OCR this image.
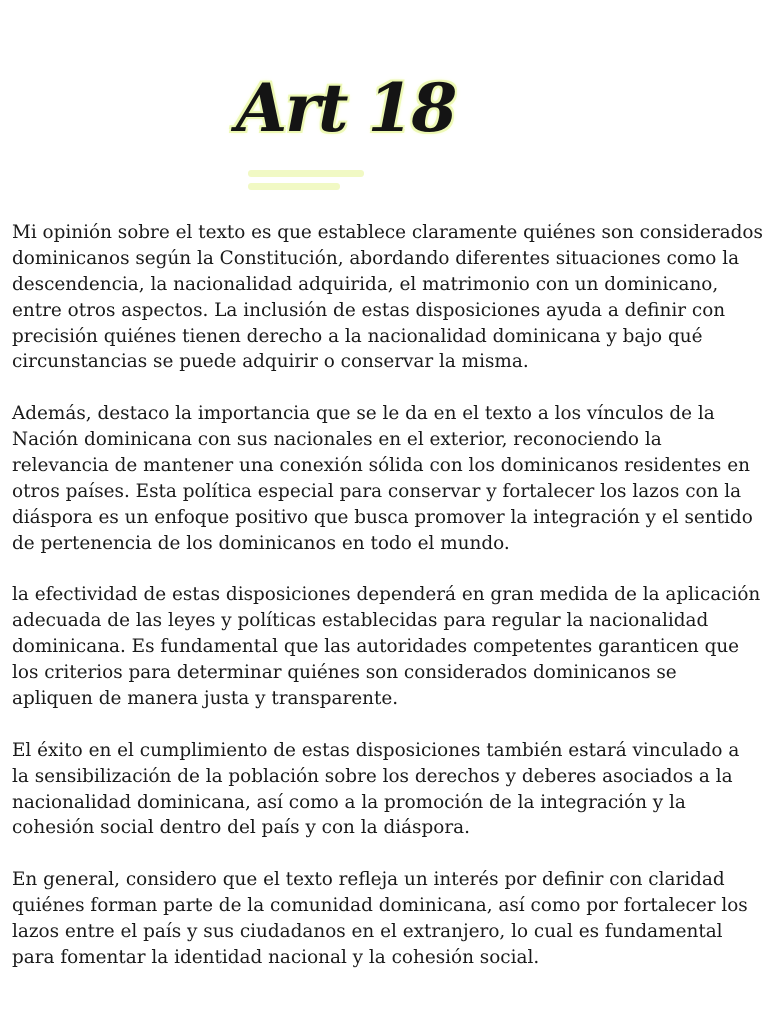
Art 18
Mi opinión sobre el texto es que establece claramente quiénes son considerados
dominicanos según la Constitución, abordando diferentes situaciones como la
descendencia, la nacionalidad adquirida, el matrimonio con un dominicano,
entre otros aspectos. La inclusión de estas disposiciones ayuda a definir con
precisión quiénes tienen derecho a la nacionalidad dominicana y bajo qué
circunstancias se puede adquirir o conservar la misma.
Además, destaco la importancia que se le da en el texto a los vínculos de la
Nación dominicana con sus nacionales en el exterior, reconociendo la
relevancia de mantener una conexión sólida con los dominicanos residentes en
otros países. Esta política especial para conservar y fortalecer los lazos con la
diáspora es un enfoque positivo que busca promover la integración y el sentido
de pertenencia de los dominicanos en todo el mundo.
la efectividad de estas disposiciones dependerá en gran medida de la aplicación
adecuada de las leyes y políticas establecidas para regular la nacionalidad
dominicana. Es fundamental que las autoridades competentes garanticen que
los criterios para determinar quiénes son considerados dominicanos se
apliquen de manera justa y transparente.
El éxito en el cumplimiento de estas disposiciones también estará vinculado a
la sensibilización de la población sobre los derechos y deberes asociados a la
nacionalidad dominicana, así como a la promoción de la integración y la
cohesión social dentro del país y con la diáspora.
En general, considero que el texto refleja un interés por definir con claridad
quiénes forman parte de la comunidad dominicana, así como por fortalecer los
lazos entre el país y sus ciudadanos en el extranjero, lo cual es fundamental
para fomentar la identidad nacional y la cohesión social.
